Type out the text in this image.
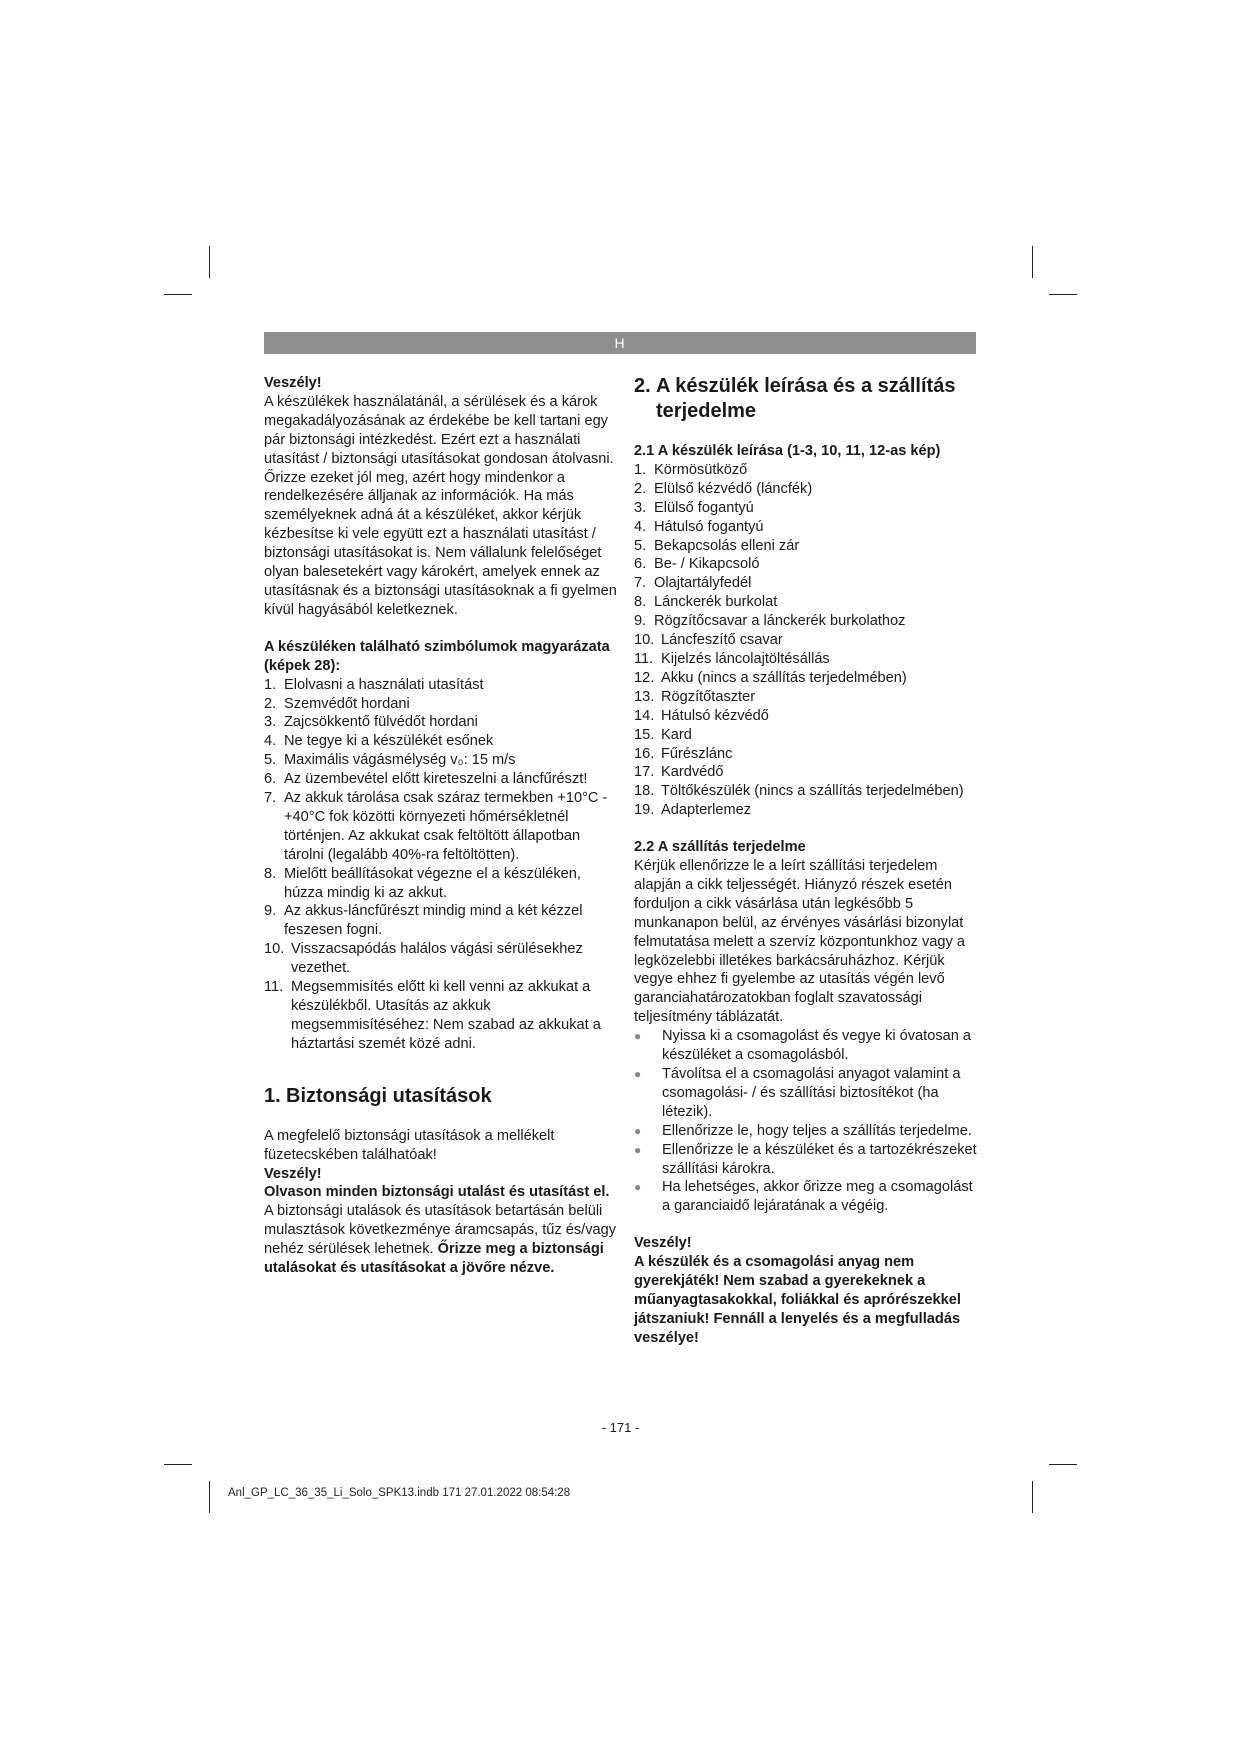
H

Veszély!

A készülékek használatánál, a sérülések és a károk megakadályozásának az érdekébe be kell tartani egy pár biztonsági intézkedést. Ezért ezt a használati utasítást / biztonsági utasításokat gondosan átolvasni. Őrizze ezeket jól meg, azért hogy mindenkor a rendelkezésére álljanak az információk. Ha más személyeknek adná át a készüléket, akkor kérjük kézbesítse ki vele együtt ezt a használati utasítást / biztonsági utasításokat is. Nem vállalunk felelőséget olyan balesetekért vagy károkért, amelyek ennek az utasításnak és a biztonsági utasításoknak a fi gyelmen kívül hagyásából keletkeznek.

A készüléken található szimbólumok magyarázata (képek 28):
1. Elolvasni a használati utasítást
2. Szemvédőt hordani
3. Zajcsökkentő fülvédőt hordani
4. Ne tegye ki a készülékét esőnek
5. Maximális vágásmélység v₀: 15 m/s
6. Az üzembevétel előtt kireteszelni a láncfűrészt!
7. Az akkuk tárolása csak száraz termekben +10°C - +40°C fok közötti környezeti hőmérsékletnél történjen. Az akkukat csak feltöltött állapotban tárolni (legalább 40%-ra feltöltötten).
8. Mielőtt beállításokat végezne el a készüléken, húzza mindig ki az akkut.
9. Az akkus-láncfűrészt mindig mind a két kézzel feszesen fogni.
10. Visszacsapódás halálos vágási sérülésekhez vezethet.
11. Megsemmisítés előtt ki kell venni az akkukat a készülékből. Utasítás az akkuk megsemmisítéséhez: Nem szabad az akkukat a háztartási szemét közé adni.
1. Biztonsági utasítások

A megfelelő biztonsági utasítások a mellékelt füzetecskében találhatóak!

Veszély!

Olvason minden biztonsági utalást és utasítást el. A biztonsági utalások és utasítások betartásán belüli mulasztások következménye áramcsapás, tűz és/vagy nehéz sérülések lehetnek. Őrizze meg a biztonsági utalásokat és utasításokat a jövőre nézve.

2. A készülék leírása és a szállítás
terjedelme
2.1 A készülék leírása (1-3, 10, 11, 12-as kép)
1. Körmösütköző
2. Elülső kézvédő (láncfék)
3. Elülső fogantyú
4. Hátulsó fogantyú
5. Bekapcsolás elleni zár
6. Be- / Kikapcsoló
7. Olajtartályfedél
8. Lánckerék burkolat
9. Rögzítőcsavar a lánckerék burkolathoz
10. Láncfeszítő csavar
11. Kijelzés láncolajtöltésállás
12. Akku (nincs a szállítás terjedelmében)
13. Rögzítőtaszter
14. Hátulsó kézvédő
15. Kard
16. Fűrészlánc
17. Kardvédő
18. Töltőkészülék (nincs a szállítás terjedelmében)
19. Adapterlemez
2.2 A szállítás terjedelme

Kérjük ellenőrizze le a leírt szállítási terjedelem alapján a cikk teljességét. Hiányzó részek esetén forduljon a cikk vásárlása után legkésőbb 5 munkanapon belül, az érvényes vásárlási bizonylat felmutatása melett a szervíz központunkhoz vagy a legközelebbi illetékes barkácsáruházhoz. Kérjük vegye ehhez fi gyelembe az utasítás végén levő garanciahatározatokban foglalt szavatossági teljesítmény táblázatát.

●	Nyissa ki a csomagolást és vegye ki óvatosan a készüléket a csomagolásból.
●	Távolítsa el a csomagolási anyagot valamint a csomagolási- / és szállítási biztosítékot (ha létezik).
●	Ellenőrizze le, hogy teljes a szállítás terjedelme.
●	Ellenőrizze le a készüléket és a tartozékrészeket szállítási károkra.
●	Ha lehetséges, akkor őrizze meg a csomagolást a garanciaidő lejáratának a végéig.

Veszély!

A készülék és a csomagolási anyag nem gyerekjáték! Nem szabad a gyerekeknek a műanyagtasakokkal, foliákkal és aprórészekkel játszaniuk! Fennáll a lenyelés és a megfulladás veszélye!

- 171 -
Anl_GP_LC_36_35_Li_Solo_SPK13.indb 171 27.01.2022 08:54:28
